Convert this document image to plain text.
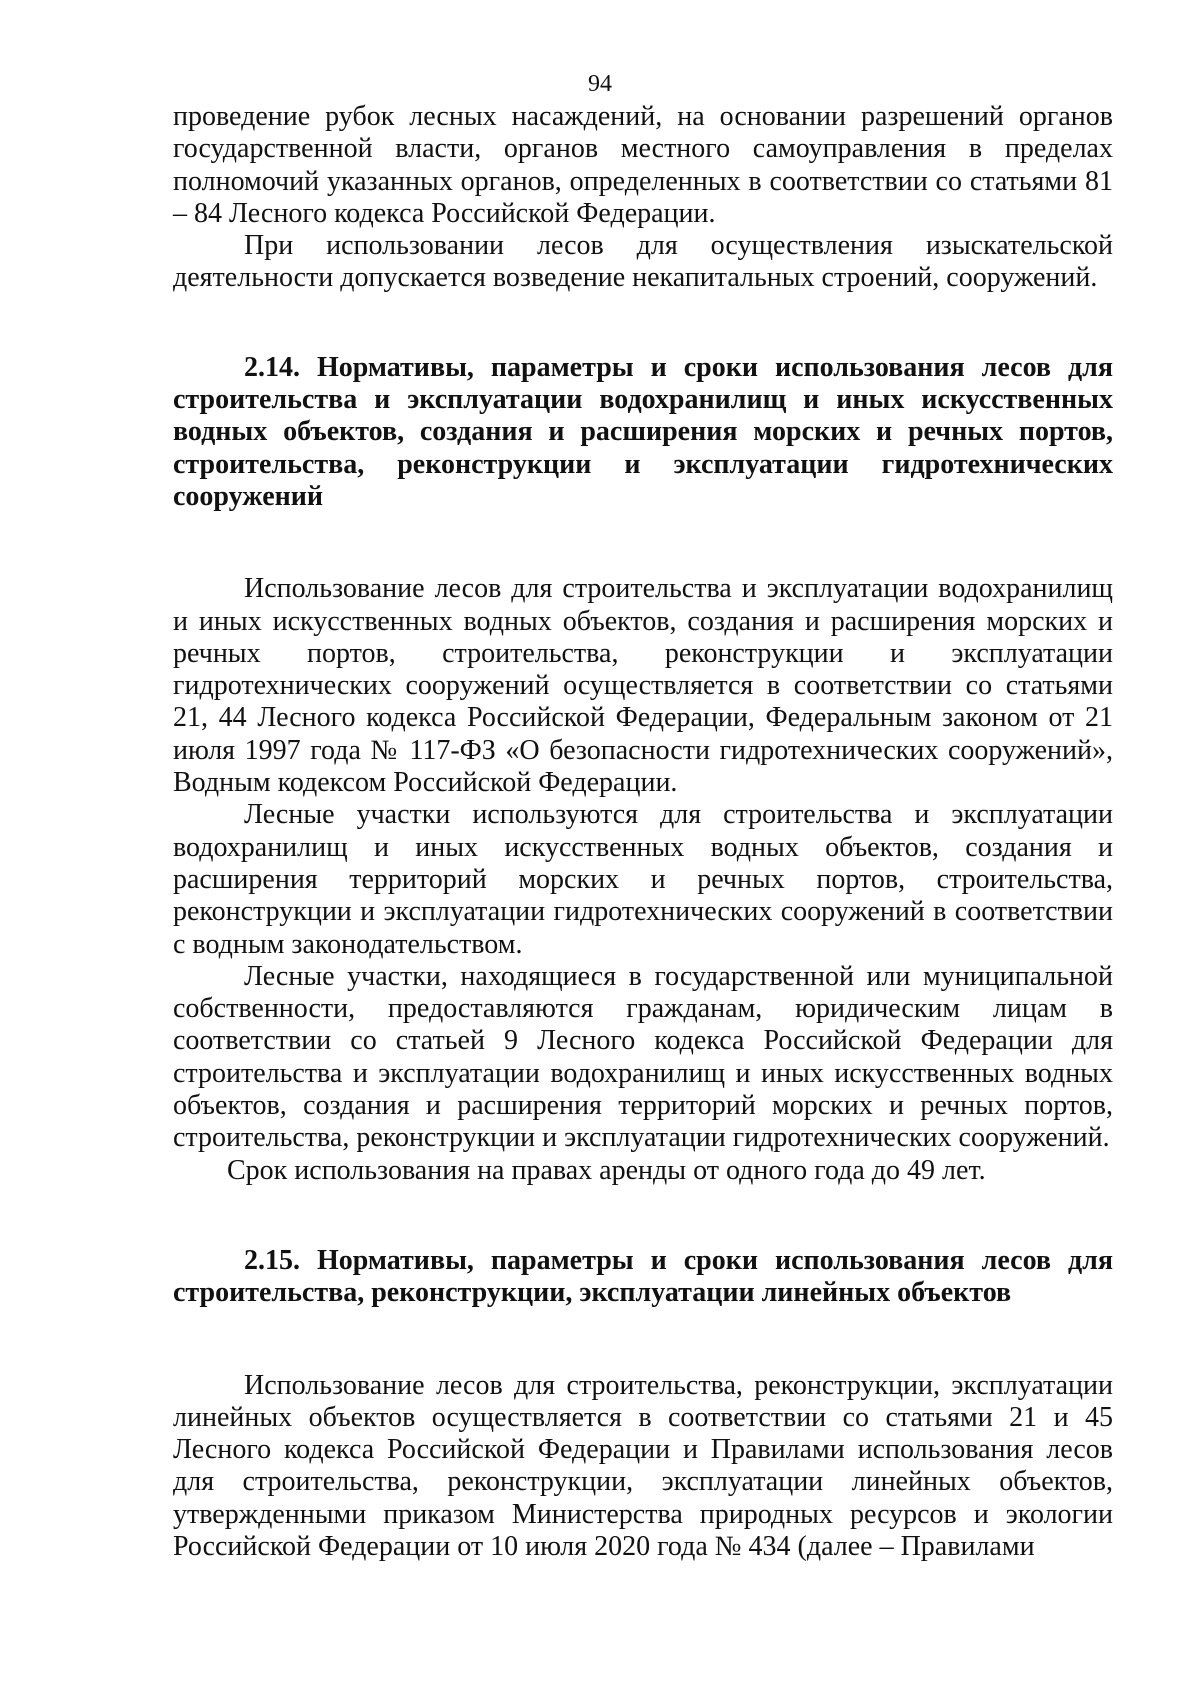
94

проведение рубок лесных насаждений, на основании разрешений органов государственной власти, органов местного самоуправления в пределах полномочий указанных органов, определенных в соответствии со статьями 81 – 84 Лесного кодекса Российской Федерации.

При использовании лесов для осуществления изыскательской деятельности допускается возведение некапитальных строений, сооружений.

2.14. Нормативы, параметры и сроки использования лесов для строительства и эксплуатации водохранилищ и иных искусственных водных объектов, создания и расширения морских и речных портов, строительства, реконструкции и эксплуатации гидротехнических сооружений

Использование лесов для строительства и эксплуатации водохранилищ и иных искусственных водных объектов, создания и расширения морских и речных портов, строительства, реконструкции и эксплуатации гидротехнических сооружений осуществляется в соответствии со статьями 21, 44 Лесного кодекса Российской Федерации, Федеральным законом от 21 июля 1997 года № 117-ФЗ «О безопасности гидротехнических сооружений», Водным кодексом Российской Федерации.

Лесные участки используются для строительства и эксплуатации водохранилищ и иных искусственных водных объектов, создания и расширения территорий морских и речных портов, строительства, реконструкции и эксплуатации гидротехнических сооружений в соответствии с водным законодательством.

Лесные участки, находящиеся в государственной или муниципальной собственности, предоставляются гражданам, юридическим лицам в соответствии со статьей 9 Лесного кодекса Российской Федерации для строительства и эксплуатации водохранилищ и иных искусственных водных объектов, создания и расширения территорий морских и речных портов, строительства, реконструкции и эксплуатации гидротехнических сооружений.

Срок использования на правах аренды от одного года до 49 лет.

2.15. Нормативы, параметры и сроки использования лесов для строительства, реконструкции, эксплуатации линейных объектов

Использование лесов для строительства, реконструкции, эксплуатации линейных объектов осуществляется в соответствии со статьями 21 и 45 Лесного кодекса Российской Федерации и Правилами использования лесов для строительства, реконструкции, эксплуатации линейных объектов, утвержденными приказом Министерства природных ресурсов и экологии Российской Федерации от 10 июля 2020 года № 434 (далее – Правилами
